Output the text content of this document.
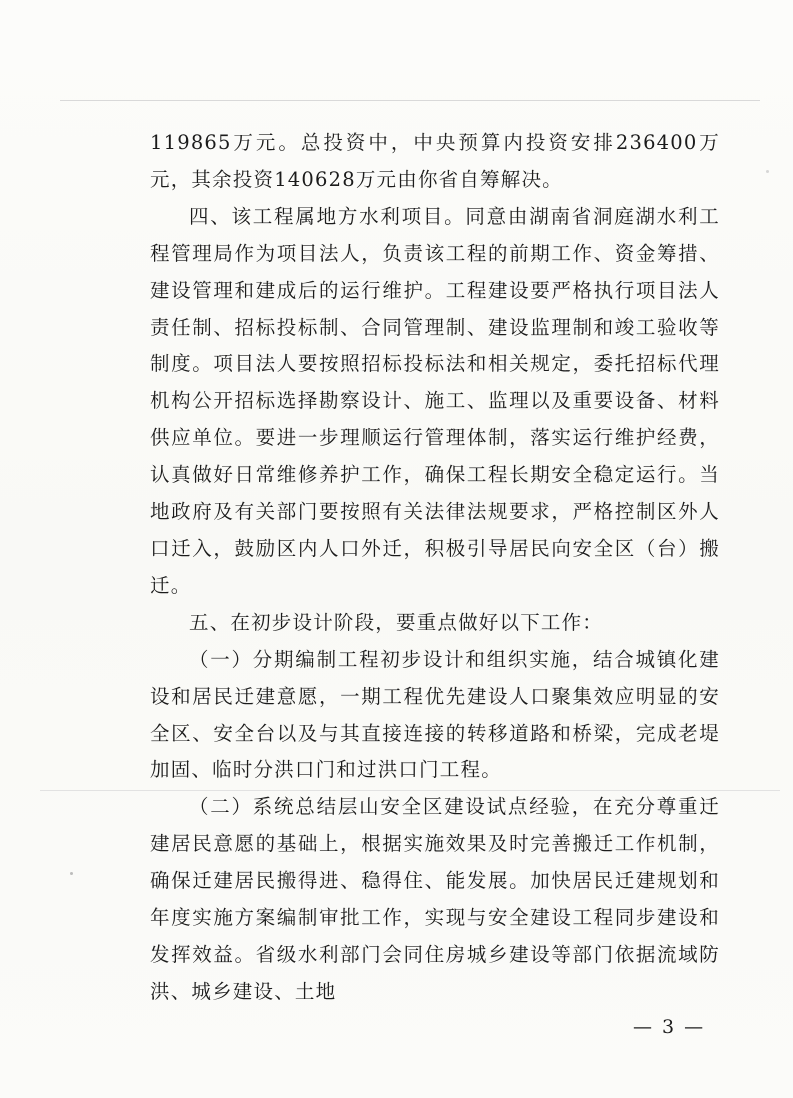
119865万元。总投资中，中央预算内投资安排236400万元，其余投资140628万元由你省自筹解决。

四、该工程属地方水利项目。同意由湖南省洞庭湖水利工程管理局作为项目法人，负责该工程的前期工作、资金筹措、建设管理和建成后的运行维护。工程建设要严格执行项目法人责任制、招标投标制、合同管理制、建设监理制和竣工验收等制度。项目法人要按照招标投标法和相关规定，委托招标代理机构公开招标选择勘察设计、施工、监理以及重要设备、材料供应单位。要进一步理顺运行管理体制，落实运行维护经费，认真做好日常维修养护工作，确保工程长期安全稳定运行。当地政府及有关部门要按照有关法律法规要求，严格控制区外人口迁入，鼓励区内人口外迁，积极引导居民向安全区（台）搬迁。

五、在初步设计阶段，要重点做好以下工作：

（一）分期编制工程初步设计和组织实施，结合城镇化建设和居民迁建意愿，一期工程优先建设人口聚集效应明显的安全区、安全台以及与其直接连接的转移道路和桥梁，完成老堤加固、临时分洪口门和过洪口门工程。

（二）系统总结层山安全区建设试点经验，在充分尊重迁建居民意愿的基础上，根据实施效果及时完善搬迁工作机制，确保迁建居民搬得进、稳得住、能发展。加快居民迁建规划和年度实施方案编制审批工作，实现与安全建设工程同步建设和发挥效益。省级水利部门会同住房城乡建设等部门依据流域防洪、城乡建设、土地

— 3 —
